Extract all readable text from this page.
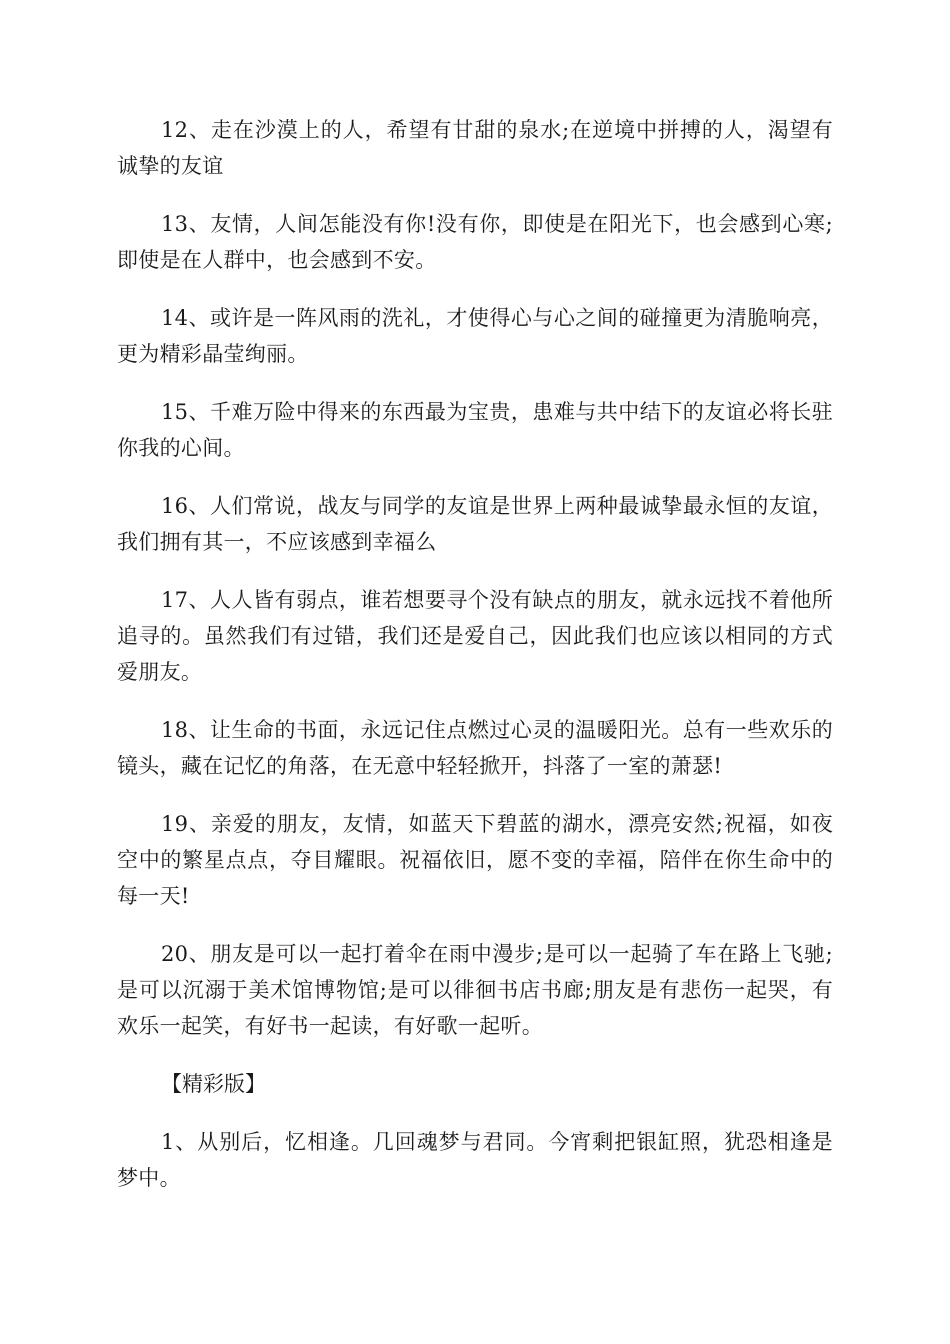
12、走在沙漠上的人，希望有甘甜的泉水;在逆境中拼搏的人，渴望有诚挚的友谊

13、友情，人间怎能没有你!没有你，即使是在阳光下，也会感到心寒;即使是在人群中，也会感到不安。

14、或许是一阵风雨的洗礼，才使得心与心之间的碰撞更为清脆响亮，更为精彩晶莹绚丽。

15、千难万险中得来的东西最为宝贵，患难与共中结下的友谊必将长驻你我的心间。

16、人们常说，战友与同学的友谊是世界上两种最诚挚最永恒的友谊，我们拥有其一，不应该感到幸福么

17、人人皆有弱点，谁若想要寻个没有缺点的朋友，就永远找不着他所追寻的。虽然我们有过错，我们还是爱自己，因此我们也应该以相同的方式爱朋友。

18、让生命的书面，永远记住点燃过心灵的温暖阳光。总有一些欢乐的镜头，藏在记忆的角落，在无意中轻轻掀开，抖落了一室的萧瑟!

19、亲爱的朋友，友情，如蓝天下碧蓝的湖水，漂亮安然;祝福，如夜空中的繁星点点，夺目耀眼。祝福依旧，愿不变的幸福，陪伴在你生命中的每一天!

20、朋友是可以一起打着伞在雨中漫步;是可以一起骑了车在路上飞驰;是可以沉溺于美术馆博物馆;是可以徘徊书店书廊;朋友是有悲伤一起哭，有欢乐一起笑，有好书一起读，有好歌一起听。

【精彩版】

1、从别后，忆相逢。几回魂梦与君同。今宵剩把银缸照，犹恐相逢是梦中。
